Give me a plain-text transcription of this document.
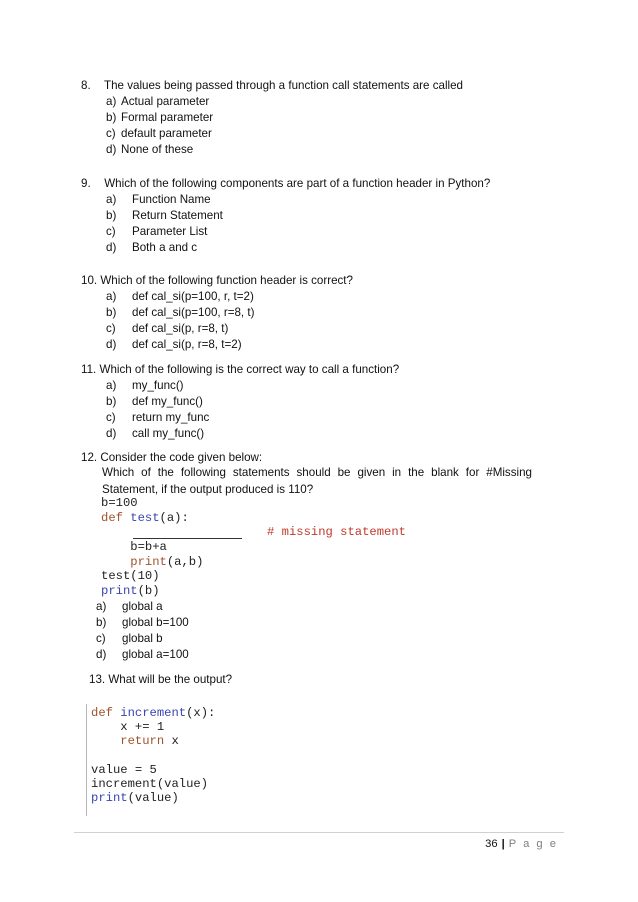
8. The values being passed through a function call statements are called
a) Actual parameter
b) Formal parameter
c) default parameter
d) None of these
9. Which of the following components are part of a function header in Python?
a) Function Name
b) Return Statement
c) Parameter List
d) Both a and c
10. Which of the following function header is correct?
a) def cal_si(p=100, r, t=2)
b) def cal_si(p=100, r=8, t)
c) def cal_si(p, r=8, t)
d) def cal_si(p, r=8, t=2)
11. Which of the following is the correct way to call a function?
a) my_func()
b) def my_func()
c) return my_func
d) call my_func()
12. Consider the code given below:
Which of the following statements should be given in the blank for #Missing
Statement, if the output produced is 110?
b=100
def test(a):
# missing statement
b=b+a
print(a,b)
test(10)
print(b)
a) global a
b) global b=100
c) global b
d) global a=100
13. What will be the output?
def increment(x):
x += 1
return x

value = 5
increment(value)
print(value)
36 | P a g e
